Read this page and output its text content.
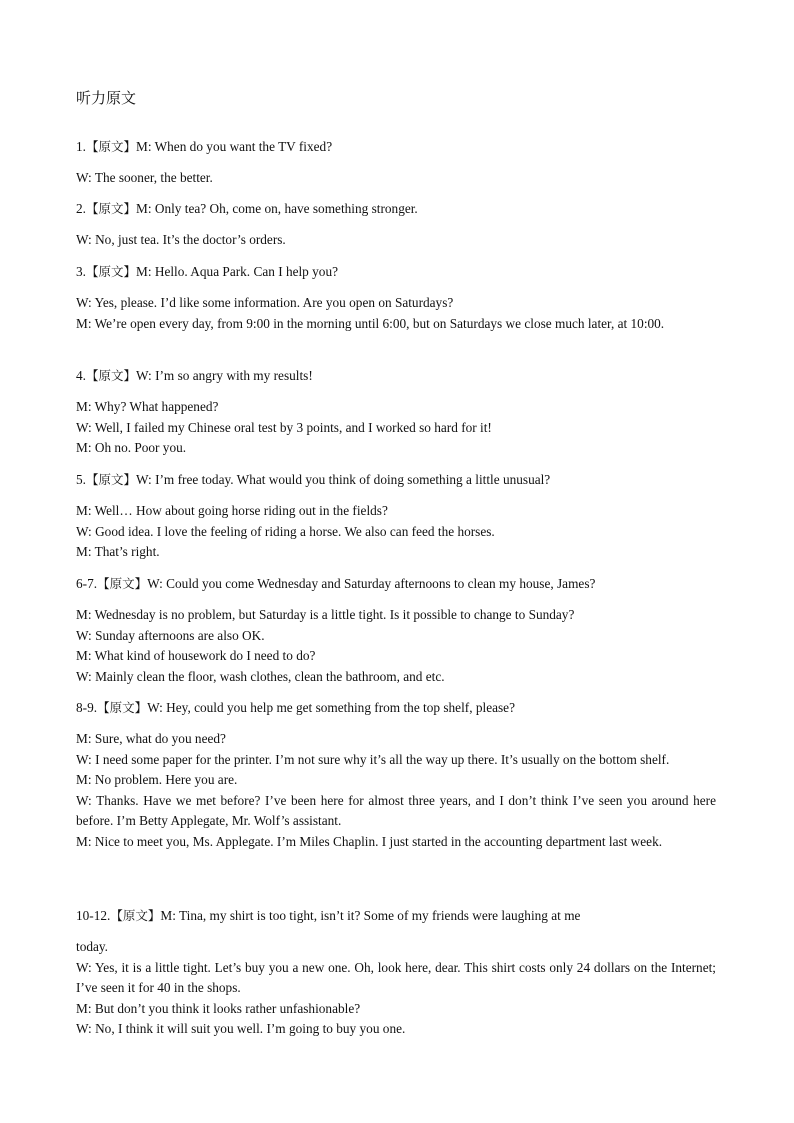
听力原文
1.【原文】M: When do you want the TV fixed?
W: The sooner, the better.
2.【原文】M: Only tea? Oh, come on, have something stronger.
W: No, just tea. It’s the doctor’s orders.
3.【原文】M: Hello. Aqua Park. Can I help you?
W: Yes, please. I’d like some information. Are you open on Saturdays?
M: We’re open every day, from 9:00 in the morning until 6:00, but on Saturdays we close much later, at 10:00.
4.【原文】W: I’m so angry with my results!
M: Why? What happened?
W: Well, I failed my Chinese oral test by 3 points, and I worked so hard for it!
M: Oh no. Poor you.
5.【原文】W: I’m free today. What would you think of doing something a little unusual?
M: Well… How about going horse riding out in the fields?
W: Good idea. I love the feeling of riding a horse. We also can feed the horses.
M: That’s right.
6-7.【原文】W: Could you come Wednesday and Saturday afternoons to clean my house, James?
M: Wednesday is no problem, but Saturday is a little tight. Is it possible to change to Sunday?
W: Sunday afternoons are also OK.
M: What kind of housework do I need to do?
W: Mainly clean the floor, wash clothes, clean the bathroom, and etc.
8-9.【原文】W: Hey, could you help me get something from the top shelf, please?
M: Sure, what do you need?
W: I need some paper for the printer. I’m not sure why it’s all the way up there. It’s usually on the bottom shelf.
M: No problem. Here you are.
W: Thanks. Have we met before? I’ve been here for almost three years, and I don’t think I’ve seen you around here before. I’m Betty Applegate, Mr. Wolf’s assistant.
M: Nice to meet you, Ms. Applegate. I’m Miles Chaplin. I just started in the accounting department last week.
10-12.【原文】M: Tina, my shirt is too tight, isn’t it? Some of my friends were laughing at me
today.
W: Yes, it is a little tight. Let’s buy you a new one. Oh, look here, dear. This shirt costs only 24 dollars on the Internet; I’ve seen it for 40 in the shops.
M: But don’t you think it looks rather unfashionable?
W: No, I think it will suit you well. I’m going to buy you one.
